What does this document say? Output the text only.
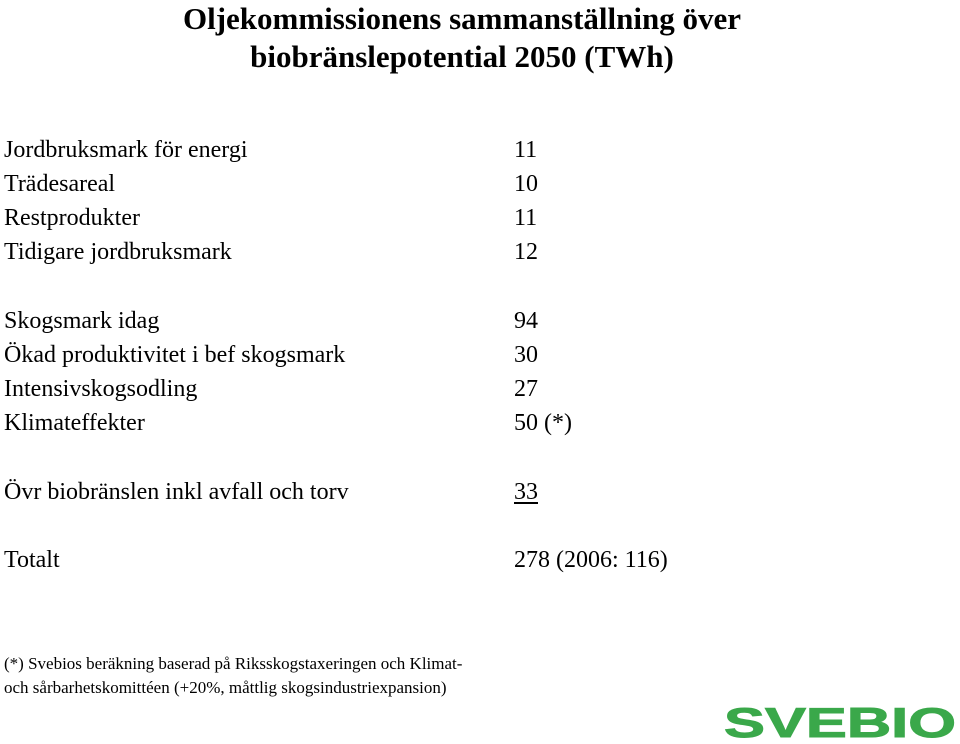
Oljekommissionens sammanställning över
biobränslepotential 2050 (TWh)
Jordbruksmark för energi	11
Trädesareal	10
Restprodukter	11
Tidigare jordbruksmark	12
Skogsmark idag	94
Ökad produktivitet i bef skogsmark	30
Intensivskogsodling	27
Klimateffekter	50 (*)
Övr biobränslen inkl avfall och torv	33
Totalt	278 (2006: 116)
(*) Svebios beräkning baserad på Riksskogstaxeringen och Klimat-
och sårbarhetskomittéen (+20%, måttlig skogsindustriexpansion)
SVEBIO
